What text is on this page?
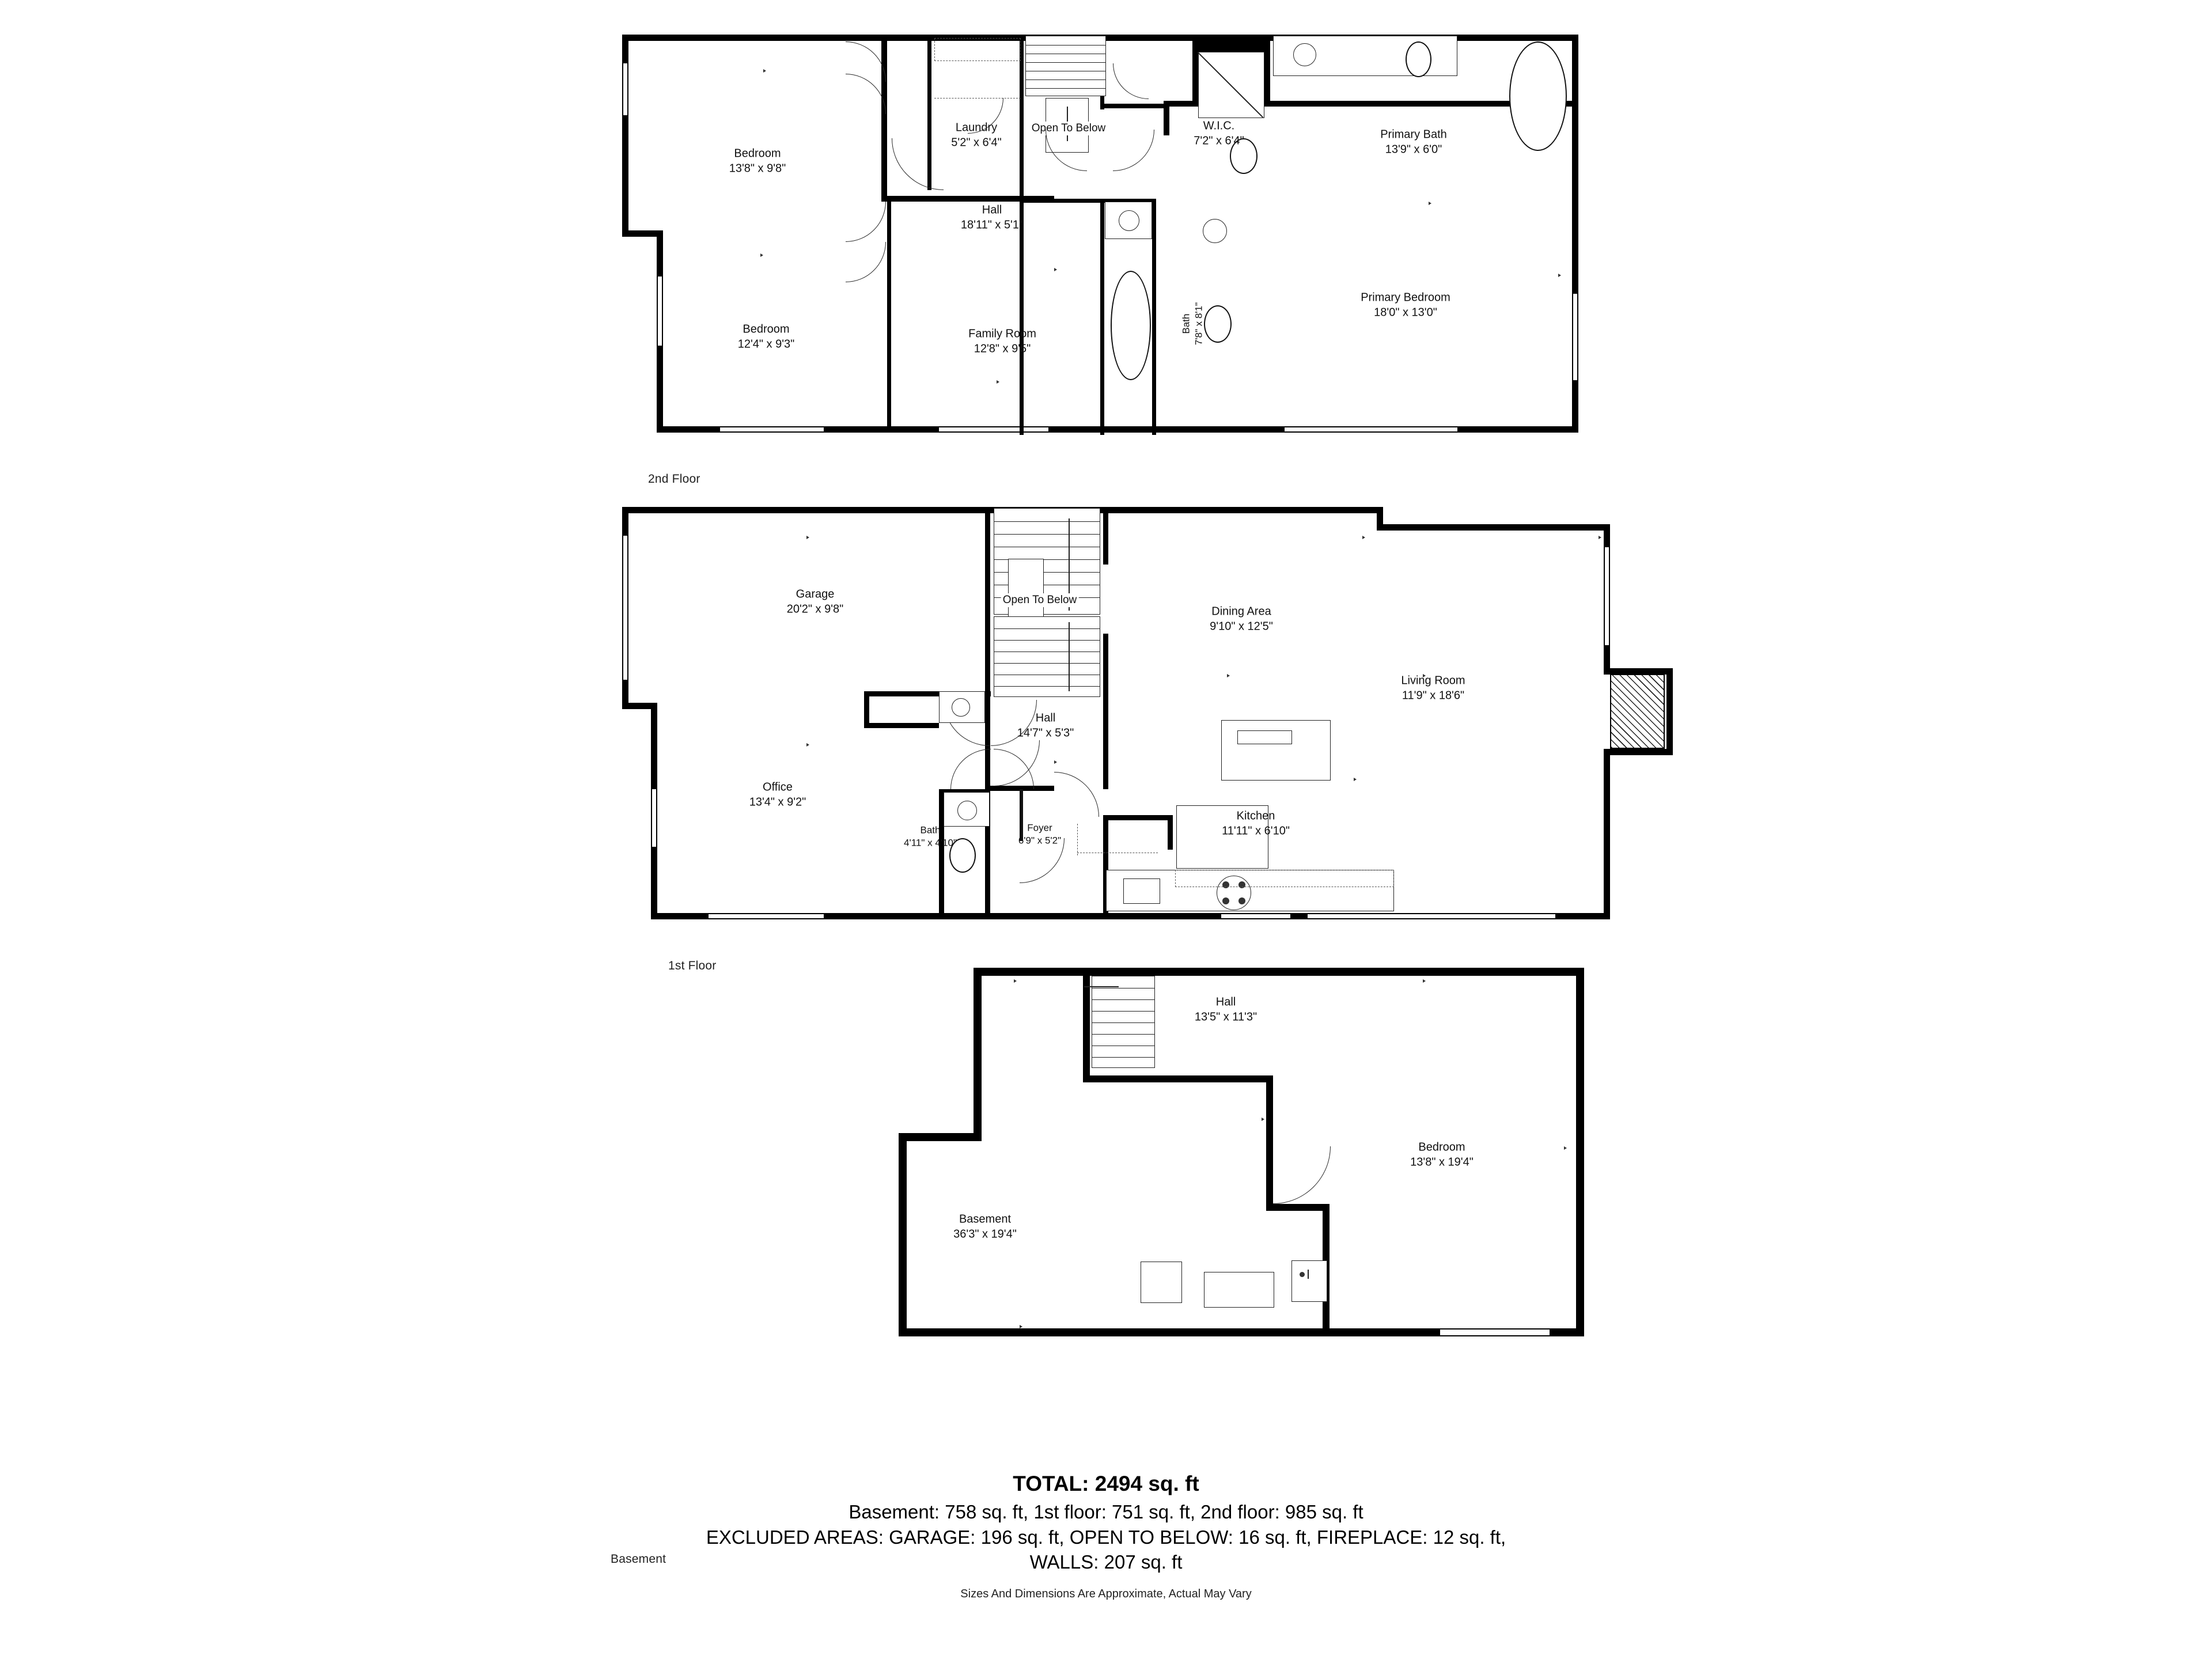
Open To Below
Bedroom
13'8" x 9'8"
Laundry
5'2" x 6'4"
W.I.C.
7'2" x 6'4"	Primary Bath
13'9" x 6'0"
Hall
18'11" x 5'1"
Bedroom
12'4" x 9'3"
Family Room
12'8" x 9'5"
Bath 7'8" x 8'1"
Primary Bedroom
18'0" x 13'0"
2nd Floor
Garage
20'2" x 9'8"
Open To Below
Dining Area
9'10" x 12'5"
Living Room
11'9" x 18'6"
Hall
14'7" x 5'3"
Office
13'4" x 9'2"
Bath
4'11" x 4'10"
Foyer
6'9" x 5'2"
Kitchen
11'11" x 6'10"
1st Floor
Hall
13'5" x 11'3"
Bedroom
13'8" x 19'4"
Basement
36'3" x 19'4"
Basement
TOTAL: 2494 sq. ft
Basement: 758 sq. ft, 1st floor: 751 sq. ft, 2nd floor: 985 sq. ft
EXCLUDED AREAS: GARAGE: 196 sq. ft, OPEN TO BELOW: 16 sq. ft, FIREPLACE: 12 sq. ft,
WALLS: 207 sq. ft
Sizes And Dimensions Are Approximate, Actual May Vary
